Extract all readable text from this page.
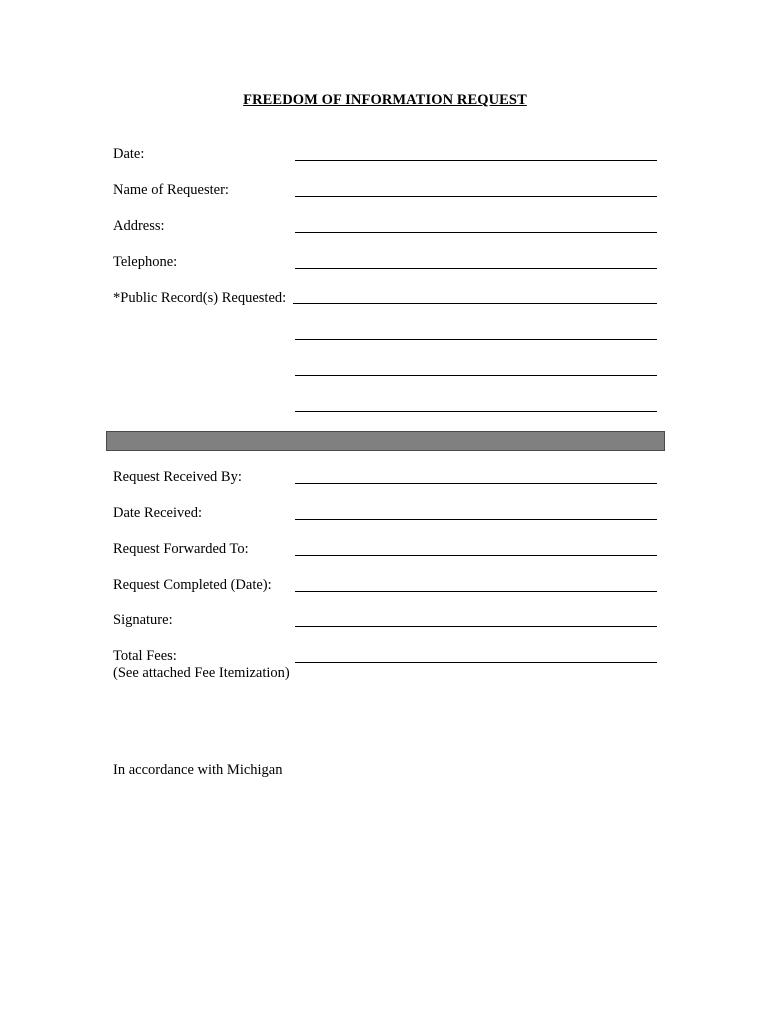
FREEDOM OF INFORMATION REQUEST
Date:
Name of Requester:
Address:
Telephone:
*Public Record(s) Requested:
Request Received By:
Date Received:
Request Forwarded To:
Request Completed (Date):
Signature:
Total Fees:
(See attached Fee Itemization)
In accordance with Michigan
